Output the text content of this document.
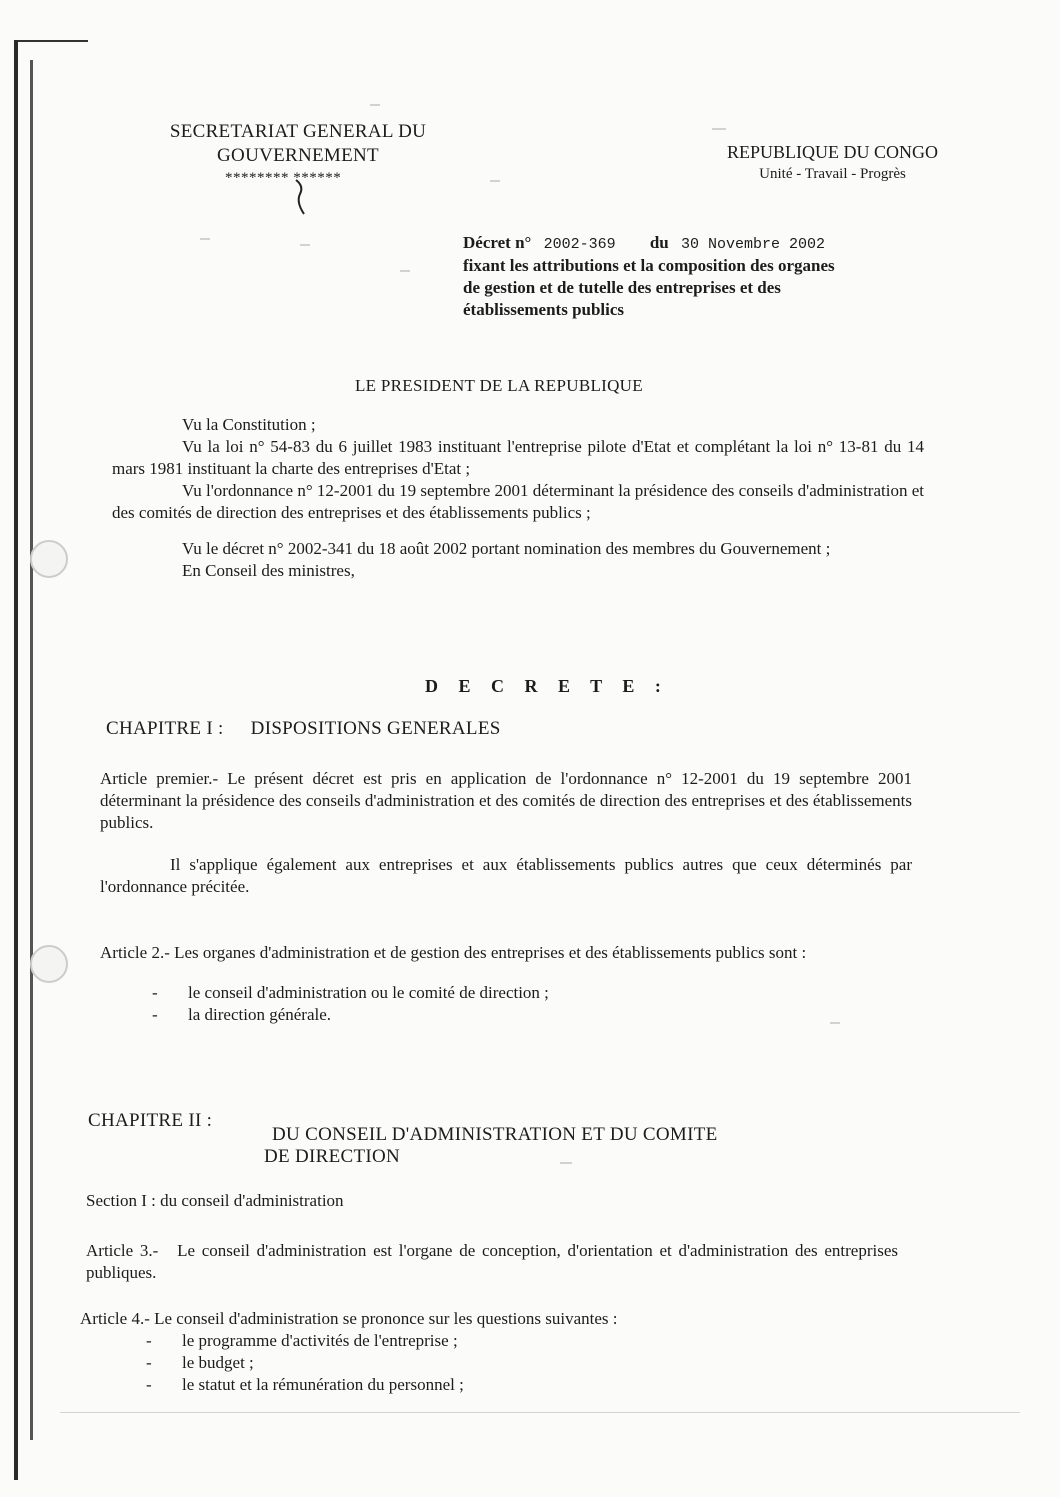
SECRETARIAT GENERAL DU
GOUVERNEMENT
******** ******
REPUBLIQUE DU CONGO
Unité - Travail - Progrès
Décret n° 2002-369 du 30 Novembre 2002
fixant les attributions et la composition des organes
de gestion et de tutelle des entreprises et des
établissements publics
LE PRESIDENT DE LA REPUBLIQUE
Vu la Constitution ;
Vu la loi n° 54-83 du 6 juillet 1983 instituant l'entreprise pilote d'Etat et complétant la loi n° 13-81 du 14 mars 1981 instituant la charte des entreprises d'Etat ;
Vu l'ordonnance n° 12-2001 du 19 septembre 2001 déterminant la présidence des conseils d'administration et des comités de direction des entreprises et des établissements publics ;
Vu le décret n° 2002-341 du 18 août 2002 portant nomination des membres du Gouvernement ;
En Conseil des ministres,
D E C R E T E :
CHAPITRE I : DISPOSITIONS GENERALES
Article premier.- Le présent décret est pris en application de l'ordonnance n° 12-2001 du 19 septembre 2001 déterminant la présidence des conseils d'administration et des comités de direction des entreprises et des établissements publics.
Il s'applique également aux entreprises et aux établissements publics autres que ceux déterminés par l'ordonnance précitée.
Article 2.- Les organes d'administration et de gestion des entreprises et des établissements publics sont :
- le conseil d'administration ou le comité de direction ;
- la direction générale.
CHAPITRE II :
DU CONSEIL D'ADMINISTRATION ET DU COMITE
DE DIRECTION
Section I : du conseil d'administration
Article 3.- Le conseil d'administration est l'organe de conception, d'orientation et d'administration des entreprises publiques.
Article 4.- Le conseil d'administration se prononce sur les questions suivantes :
- le programme d'activités de l'entreprise ;
- le budget ;
- le statut et la rémunération du personnel ;
